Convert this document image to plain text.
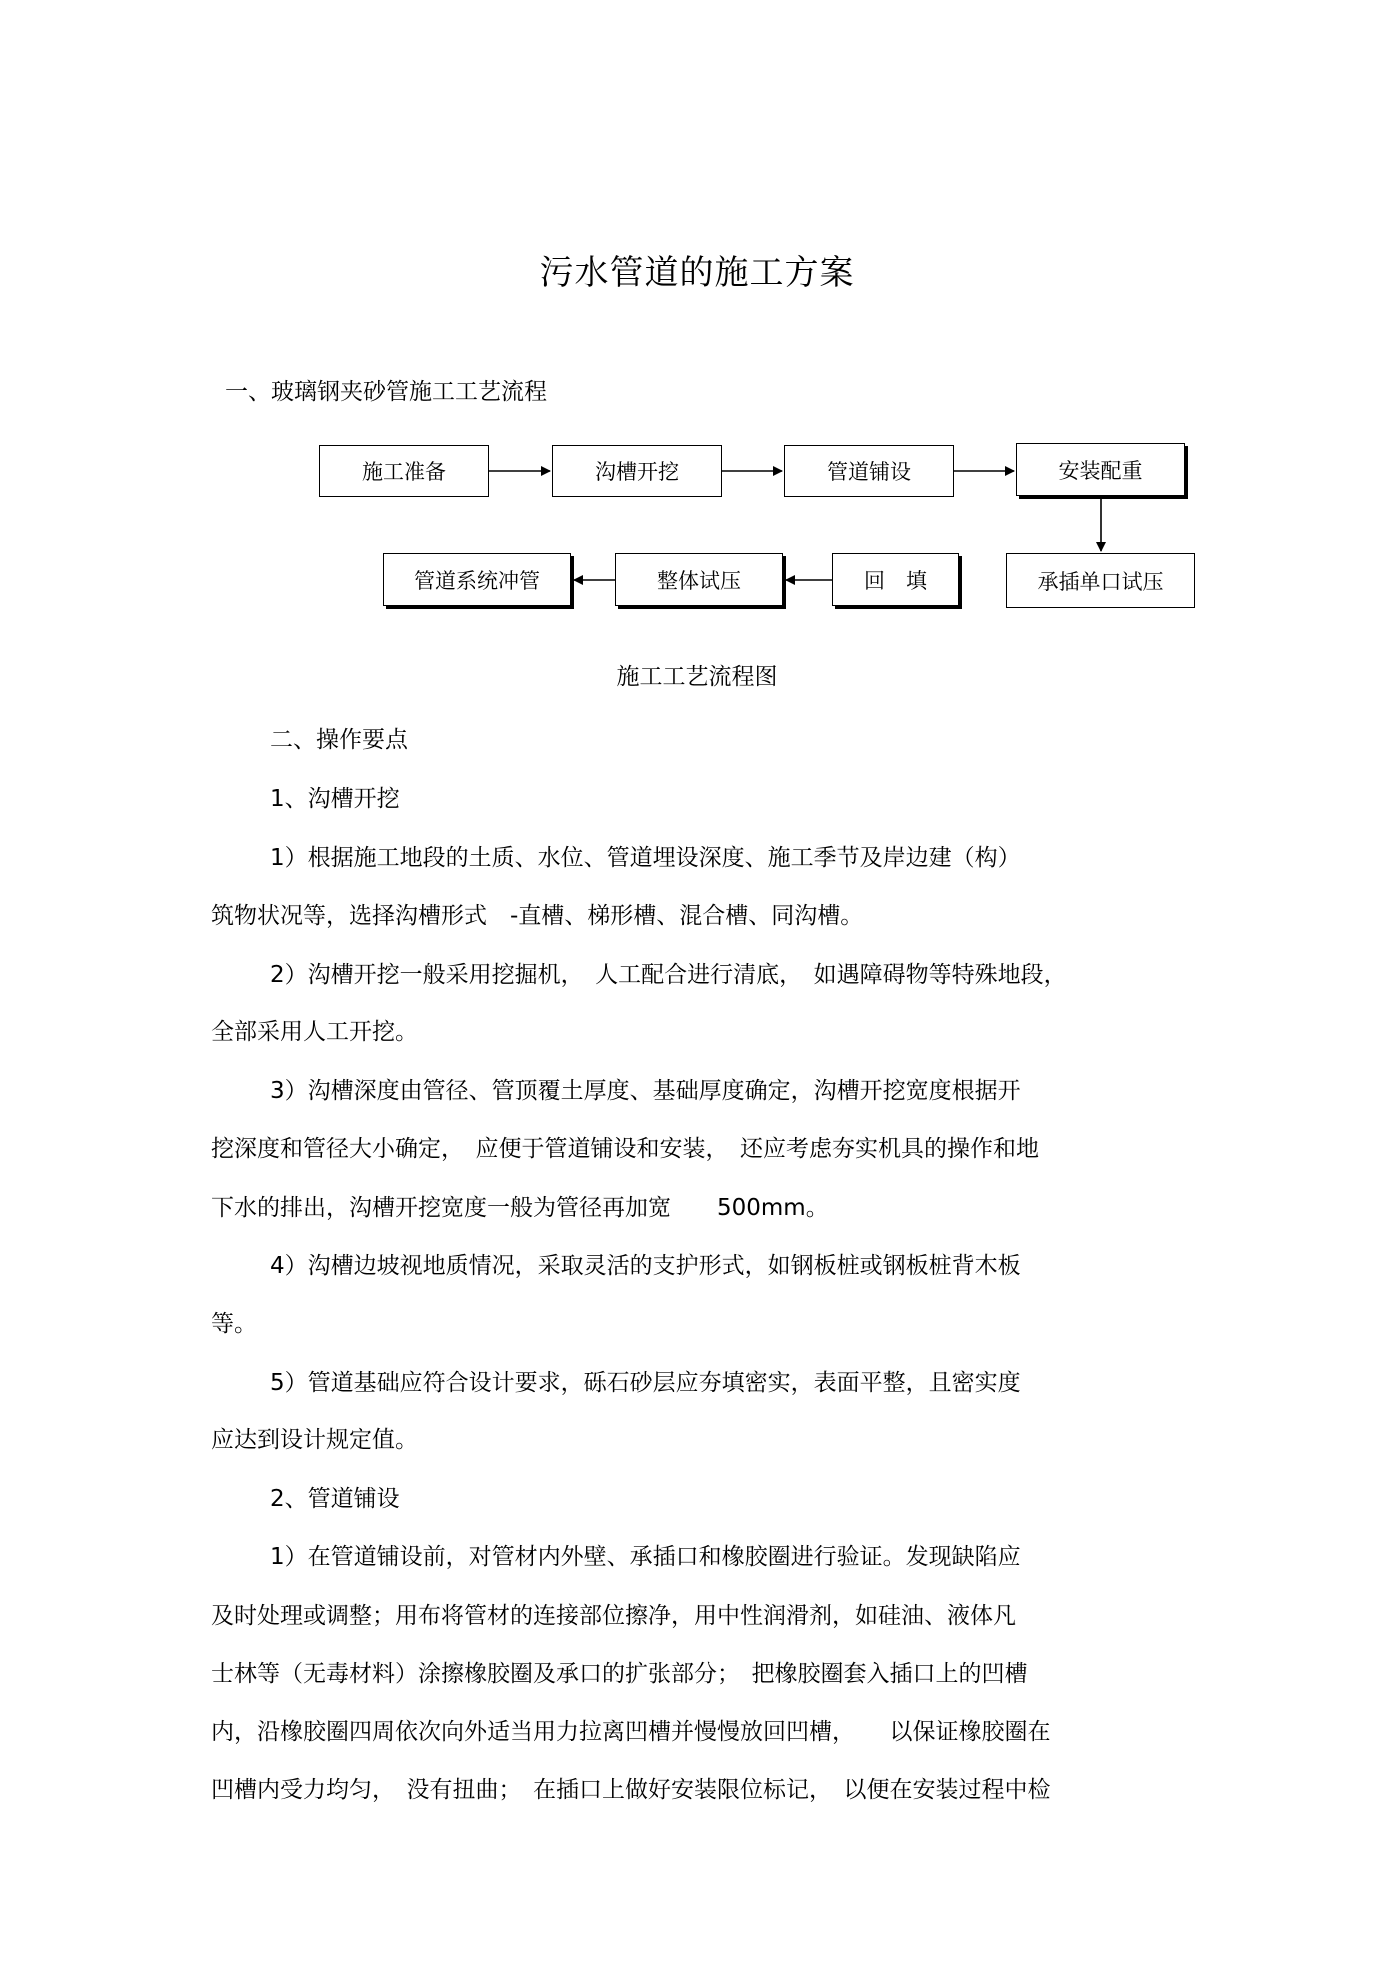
污水管道的施工方案
一、玻璃钢夹砂管施工工艺流程
施工准备	沟槽开挖	管道铺设	安装配重
承插单口试压
回　填
整体试压
管道系统冲管
施工工艺流程图
二、操作要点
1、沟槽开挖
1）根据施工地段的土质、水位、管道埋设深度、施工季节及岸边建（构）
筑物状况等，选择沟槽形式　-直槽、梯形槽、混合槽、同沟槽。
2）沟槽开挖一般采用挖掘机，　人工配合进行清底，　如遇障碍物等特殊地段，
全部采用人工开挖。
3）沟槽深度由管径、管顶覆土厚度、基础厚度确定，沟槽开挖宽度根据开
挖深度和管径大小确定，　应便于管道铺设和安装，　还应考虑夯实机具的操作和地
下水的排出，沟槽开挖宽度一般为管径再加宽　　500mm。
4）沟槽边坡视地质情况，采取灵活的支护形式，如钢板桩或钢板桩背木板
等。
5）管道基础应符合设计要求，砾石砂层应夯填密实，表面平整，且密实度
应达到设计规定值。
2、管道铺设
1）在管道铺设前，对管材内外壁、承插口和橡胶圈进行验证。发现缺陷应
及时处理或调整；用布将管材的连接部位擦净，用中性润滑剂，如硅油、液体凡
士林等（无毒材料）涂擦橡胶圈及承口的扩张部分；　把橡胶圈套入插口上的凹槽
内，沿橡胶圈四周依次向外适当用力拉离凹槽并慢慢放回凹槽，　　以保证橡胶圈在
凹槽内受力均匀，　没有扭曲；　在插口上做好安装限位标记，　以便在安装过程中检
